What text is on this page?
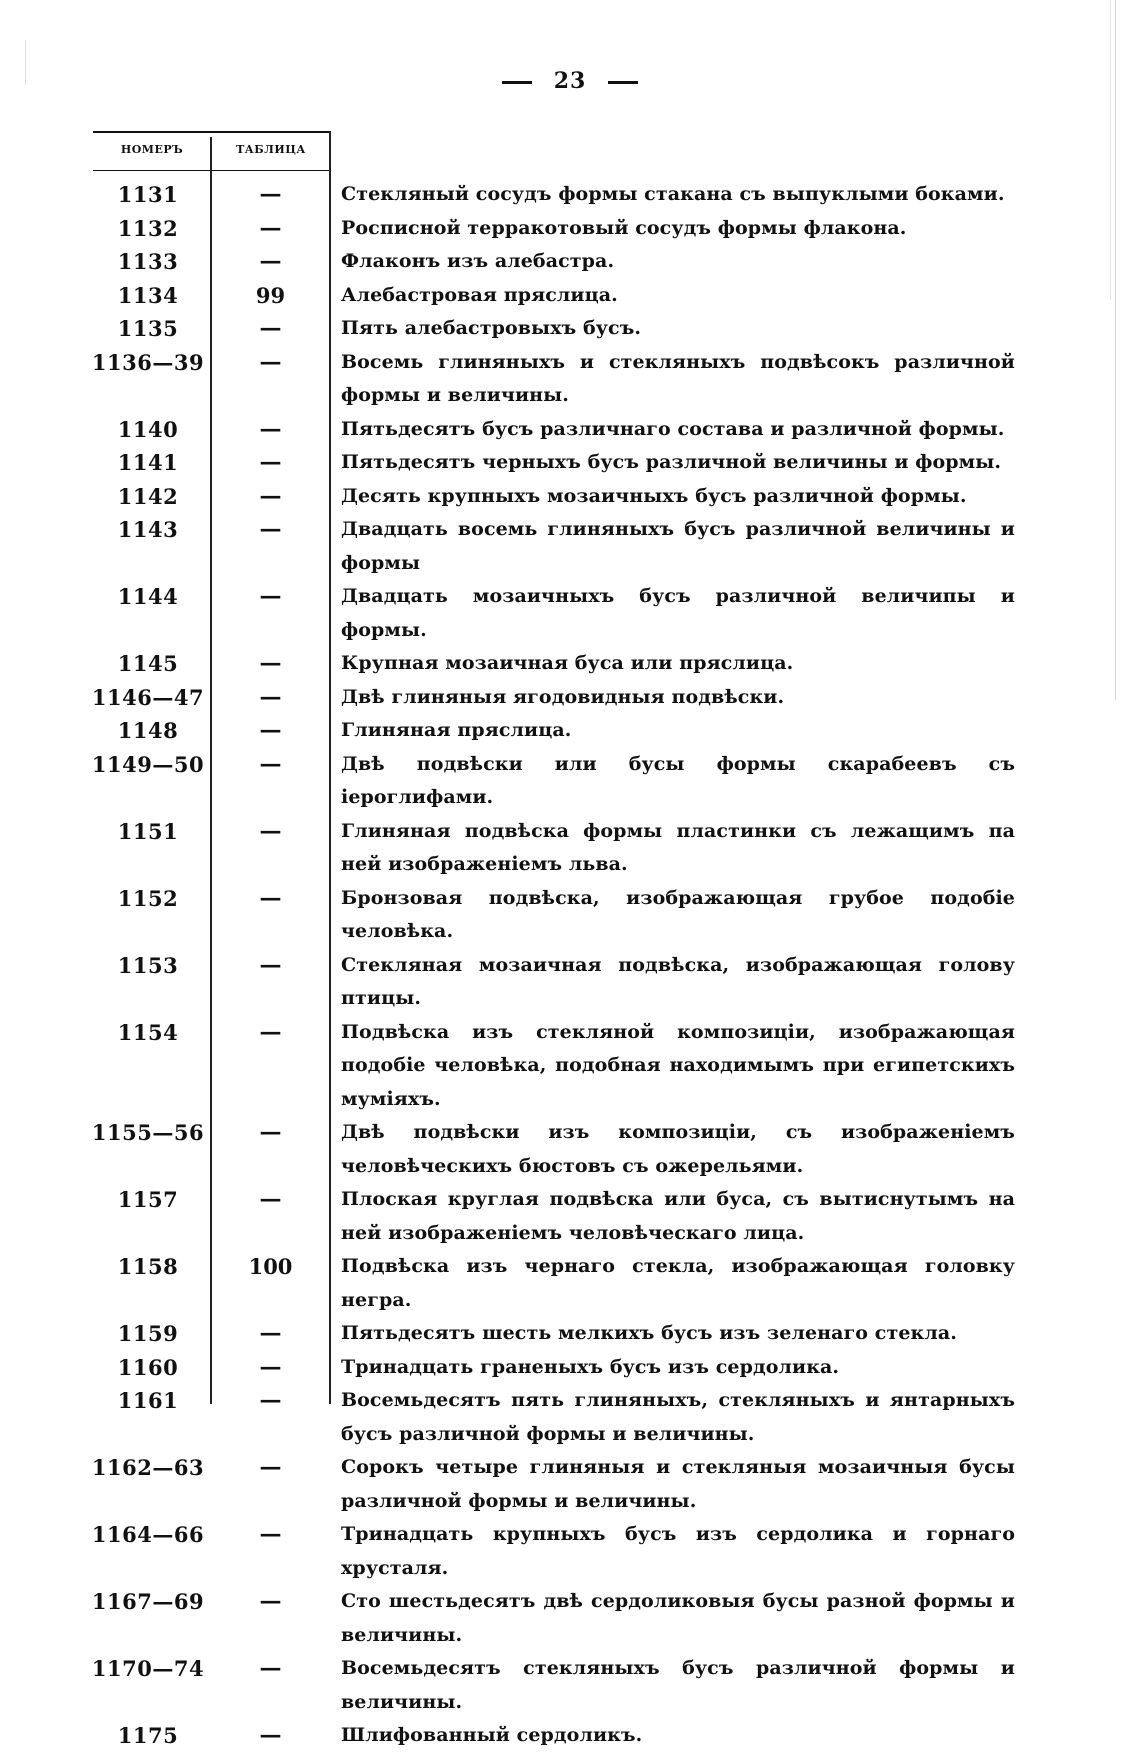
23
НОМЕРЪ	ТАБЛИЦА
1131	—	Стекляный сосудъ формы стакана съ выпуклыми боками.
1132	—	Росписной терракотовый сосудъ формы флакона.
1133	—	Флаконъ изъ алебастра.
1134	99	Алебастровая пряслица.
1135	—	Пять алебастровыхъ бусъ.
1136—39	—	Восемь глиняныхъ и стекляныхъ подвѣсокъ различной формы и величины.
1140	—	Пятьдесятъ бусъ различнаго состава и различной формы.
1141	—	Пятьдесятъ черныхъ бусъ различной величины и формы.
1142	—	Десять крупныхъ мозаичныхъ бусъ различной формы.
1143	—	Двадцать восемь глиняныхъ бусъ различной величины и формы
1144	—	Двадцать мозаичныхъ бусъ различной величипы и формы.
1145	—	Крупная мозаичная буса или пряслица.
1146—47	—	Двѣ глиняныя ягодовидныя подвѣски.
1148	—	Глиняная пряслица.
1149—50	—	Двѣ подвѣски или бусы формы скарабеевъ съ іероглифами.
1151	—	Глиняная подвѣска формы пластинки съ лежащимъ па ней изображеніемъ льва.
1152	—	Бронзовая подвѣска, изображающая грубое подобіе человѣка.
1153	—	Стекляная мозаичная подвѣска, изображающая голову птицы.
1154	—	Подвѣска изъ стекляной композиціи, изображающая подобіе человѣка, подобная находимымъ при египетскихъ муміяхъ.
1155—56	—	Двѣ подвѣски изъ композиціи, съ изображеніемъ человѣческихъ бюстовъ съ ожерельями.
1157	—	Плоская круглая подвѣска или буса, съ вытиснутымъ на ней изображеніемъ человѣческаго лица.
1158	100	Подвѣска изъ чернаго стекла, изображающая головку негра.
1159	—	Пятьдесятъ шесть мелкихъ бусъ изъ зеленаго стекла.
1160	—	Тринадцать граненыхъ бусъ изъ сердолика.
1161	—	Восемьдесятъ пять глиняныхъ, стекляныхъ и янтарныхъ бусъ различной формы и величины.
1162—63	—	Сорокъ четыре глиняныя и стекляныя мозаичныя бусы различной формы и величины.
1164—66	—	Тринадцать крупныхъ бусъ изъ сердолика и горнаго хрусталя.
1167—69	—	Сто шестьдесятъ двѣ сердоликовыя бусы разной формы и величины.
1170—74	—	Восемьдесятъ стекляныхъ бусъ различной формы и величины.
1175	—	Шлифованный сердоликъ.
